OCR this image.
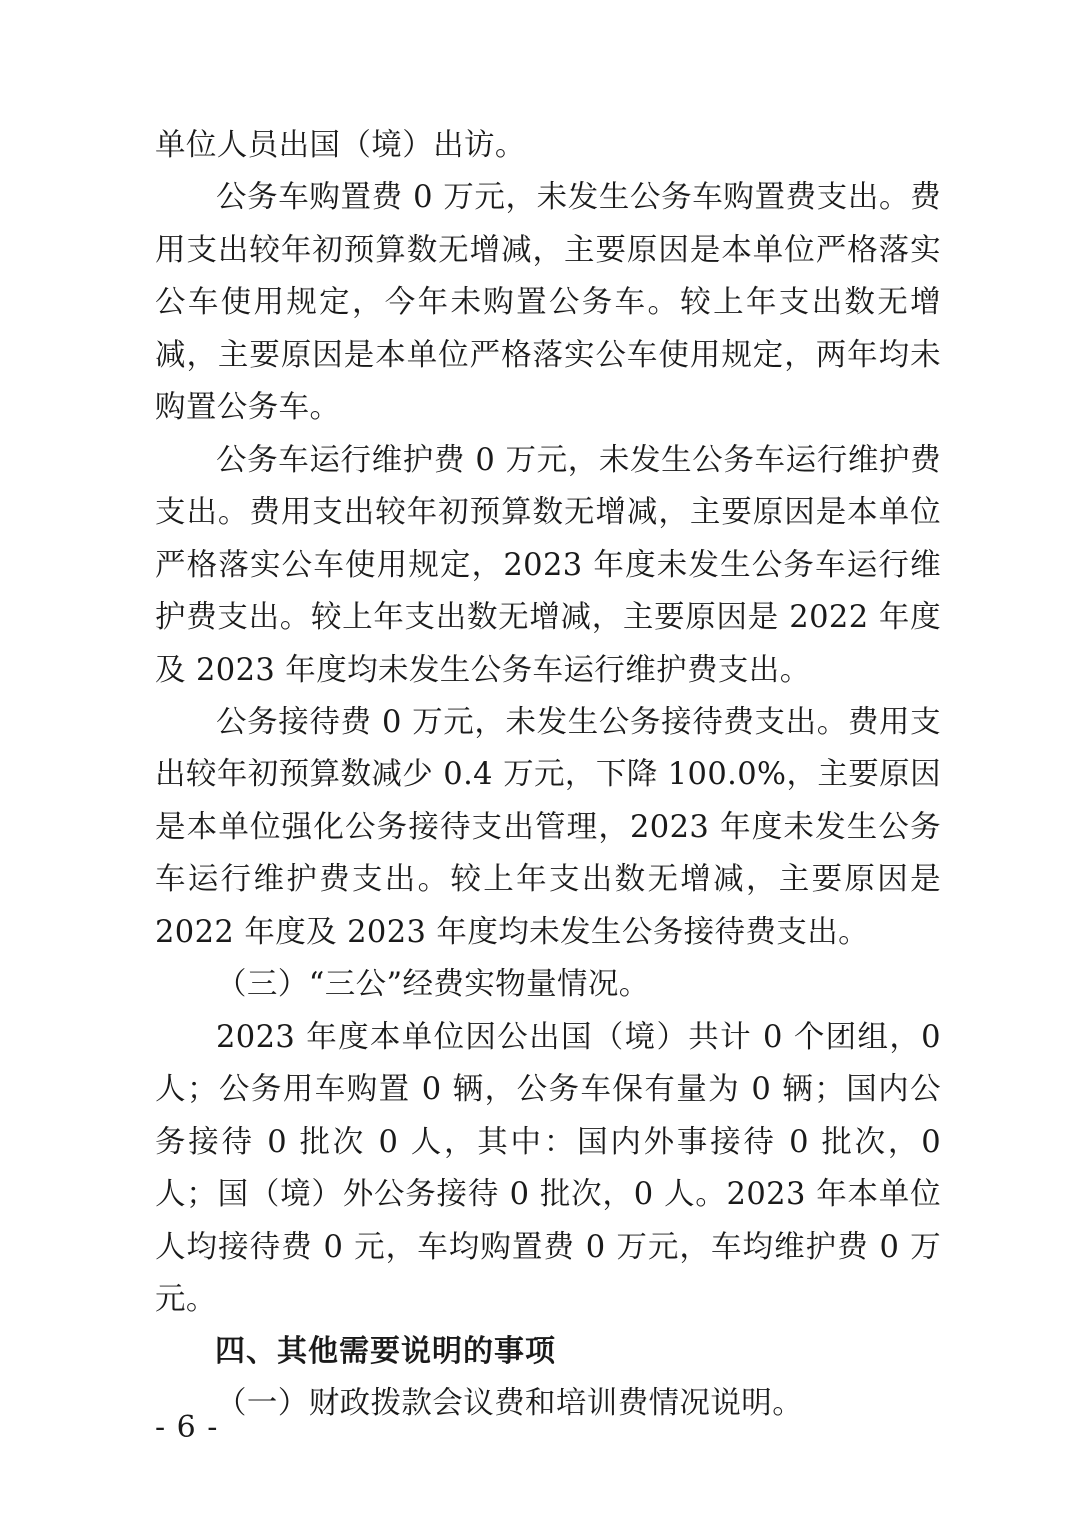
单位人员出国（境）出访。

公务车购置费 0 万元，未发生公务车购置费支出。费用支出较年初预算数无增减，主要原因是本单位严格落实公车使用规定，今年未购置公务车。较上年支出数无增减，主要原因是本单位严格落实公车使用规定，两年均未购置公务车。

公务车运行维护费 0 万元，未发生公务车运行维护费支出。费用支出较年初预算数无增减，主要原因是本单位严格落实公车使用规定，2023 年度未发生公务车运行维护费支出。较上年支出数无增减，主要原因是 2022 年度及 2023 年度均未发生公务车运行维护费支出。

公务接待费 0 万元，未发生公务接待费支出。费用支出较年初预算数减少 0.4 万元，下降 100.0%，主要原因是本单位强化公务接待支出管理，2023 年度未发生公务车运行维护费支出。较上年支出数无增减，主要原因是 2022 年度及 2023 年度均未发生公务接待费支出。

（三）“三公”经费实物量情况。

2023 年度本单位因公出国（境）共计 0 个团组，0 人；公务用车购置 0 辆，公务车保有量为 0 辆；国内公务接待 0 批次 0 人，其中：国内外事接待 0 批次，0 人；国（境）外公务接待 0 批次，0 人。2023 年本单位人均接待费 0 元，车均购置费 0 万元，车均维护费 0 万元。

四、其他需要说明的事项

（一）财政拨款会议费和培训费情况说明。

- 6 -
